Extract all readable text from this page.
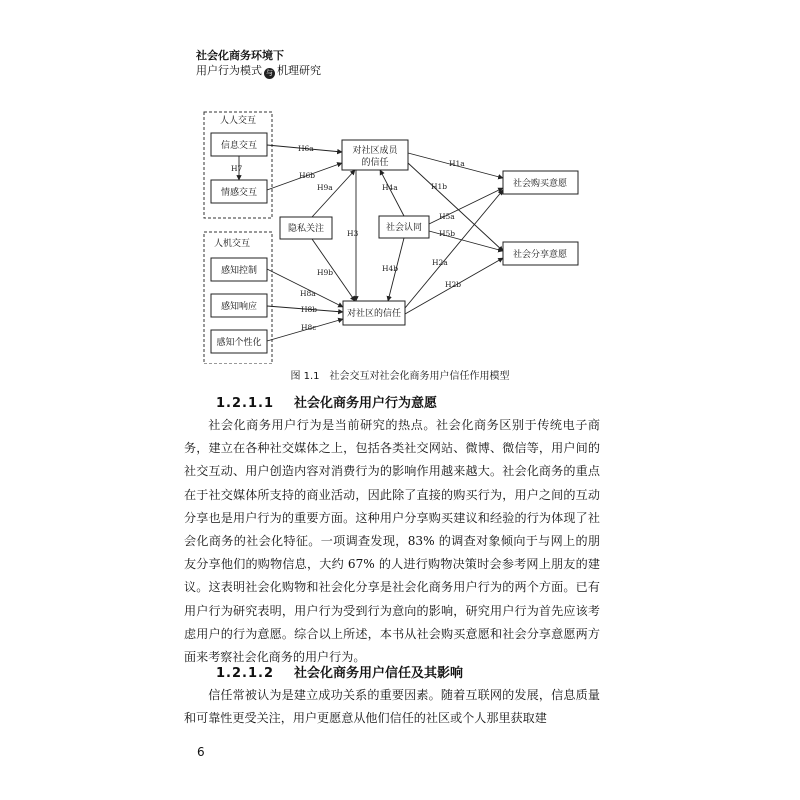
社会化商务环境下
用户行为模式 与 机理研究
人人交互
人机交互
信息交互
情感交互
感知控制
感知响应
感知个性化
隐私关注
对社区成员
的信任
社会认同
对社区的信任
社会购买意愿
社会分享意愿
H6a
H6b
H7
H9a
H9b
H3
H4a
H4b
H1a
H1b
H5a
H5b
H2a
H2b
H8a
H8b
H8c
图 1.1　社会交互对社会化商务用户信任作用模型
1.2.1.1 社会化商务用户行为意愿

社会化商务用户行为是当前研究的热点。社会化商务区别于传统电子商务，建立在各种社交媒体之上，包括各类社交网站、微博、微信等，用户间的社交互动、用户创造内容对消费行为的影响作用越来越大。社会化商务的重点在于社交媒体所支持的商业活动，因此除了直接的购买行为，用户之间的互动分享也是用户行为的重要方面。这种用户分享购买建议和经验的行为体现了社会化商务的社会化特征。一项调查发现，83% 的调查对象倾向于与网上的朋友分享他们的购物信息，大约 67% 的人进行购物决策时会参考网上朋友的建议。这表明社会化购物和社会化分享是社会化商务用户行为的两个方面。已有用户行为研究表明，用户行为受到行为意向的影响，研究用户行为首先应该考虑用户的行为意愿。综合以上所述，本书从社会购买意愿和社会分享意愿两方面来考察社会化商务的用户行为。

1.2.1.2 社会化商务用户信任及其影响

信任常被认为是建立成功关系的重要因素。随着互联网的发展，信息质量和可靠性更受关注，用户更愿意从他们信任的社区或个人那里获取建

6
